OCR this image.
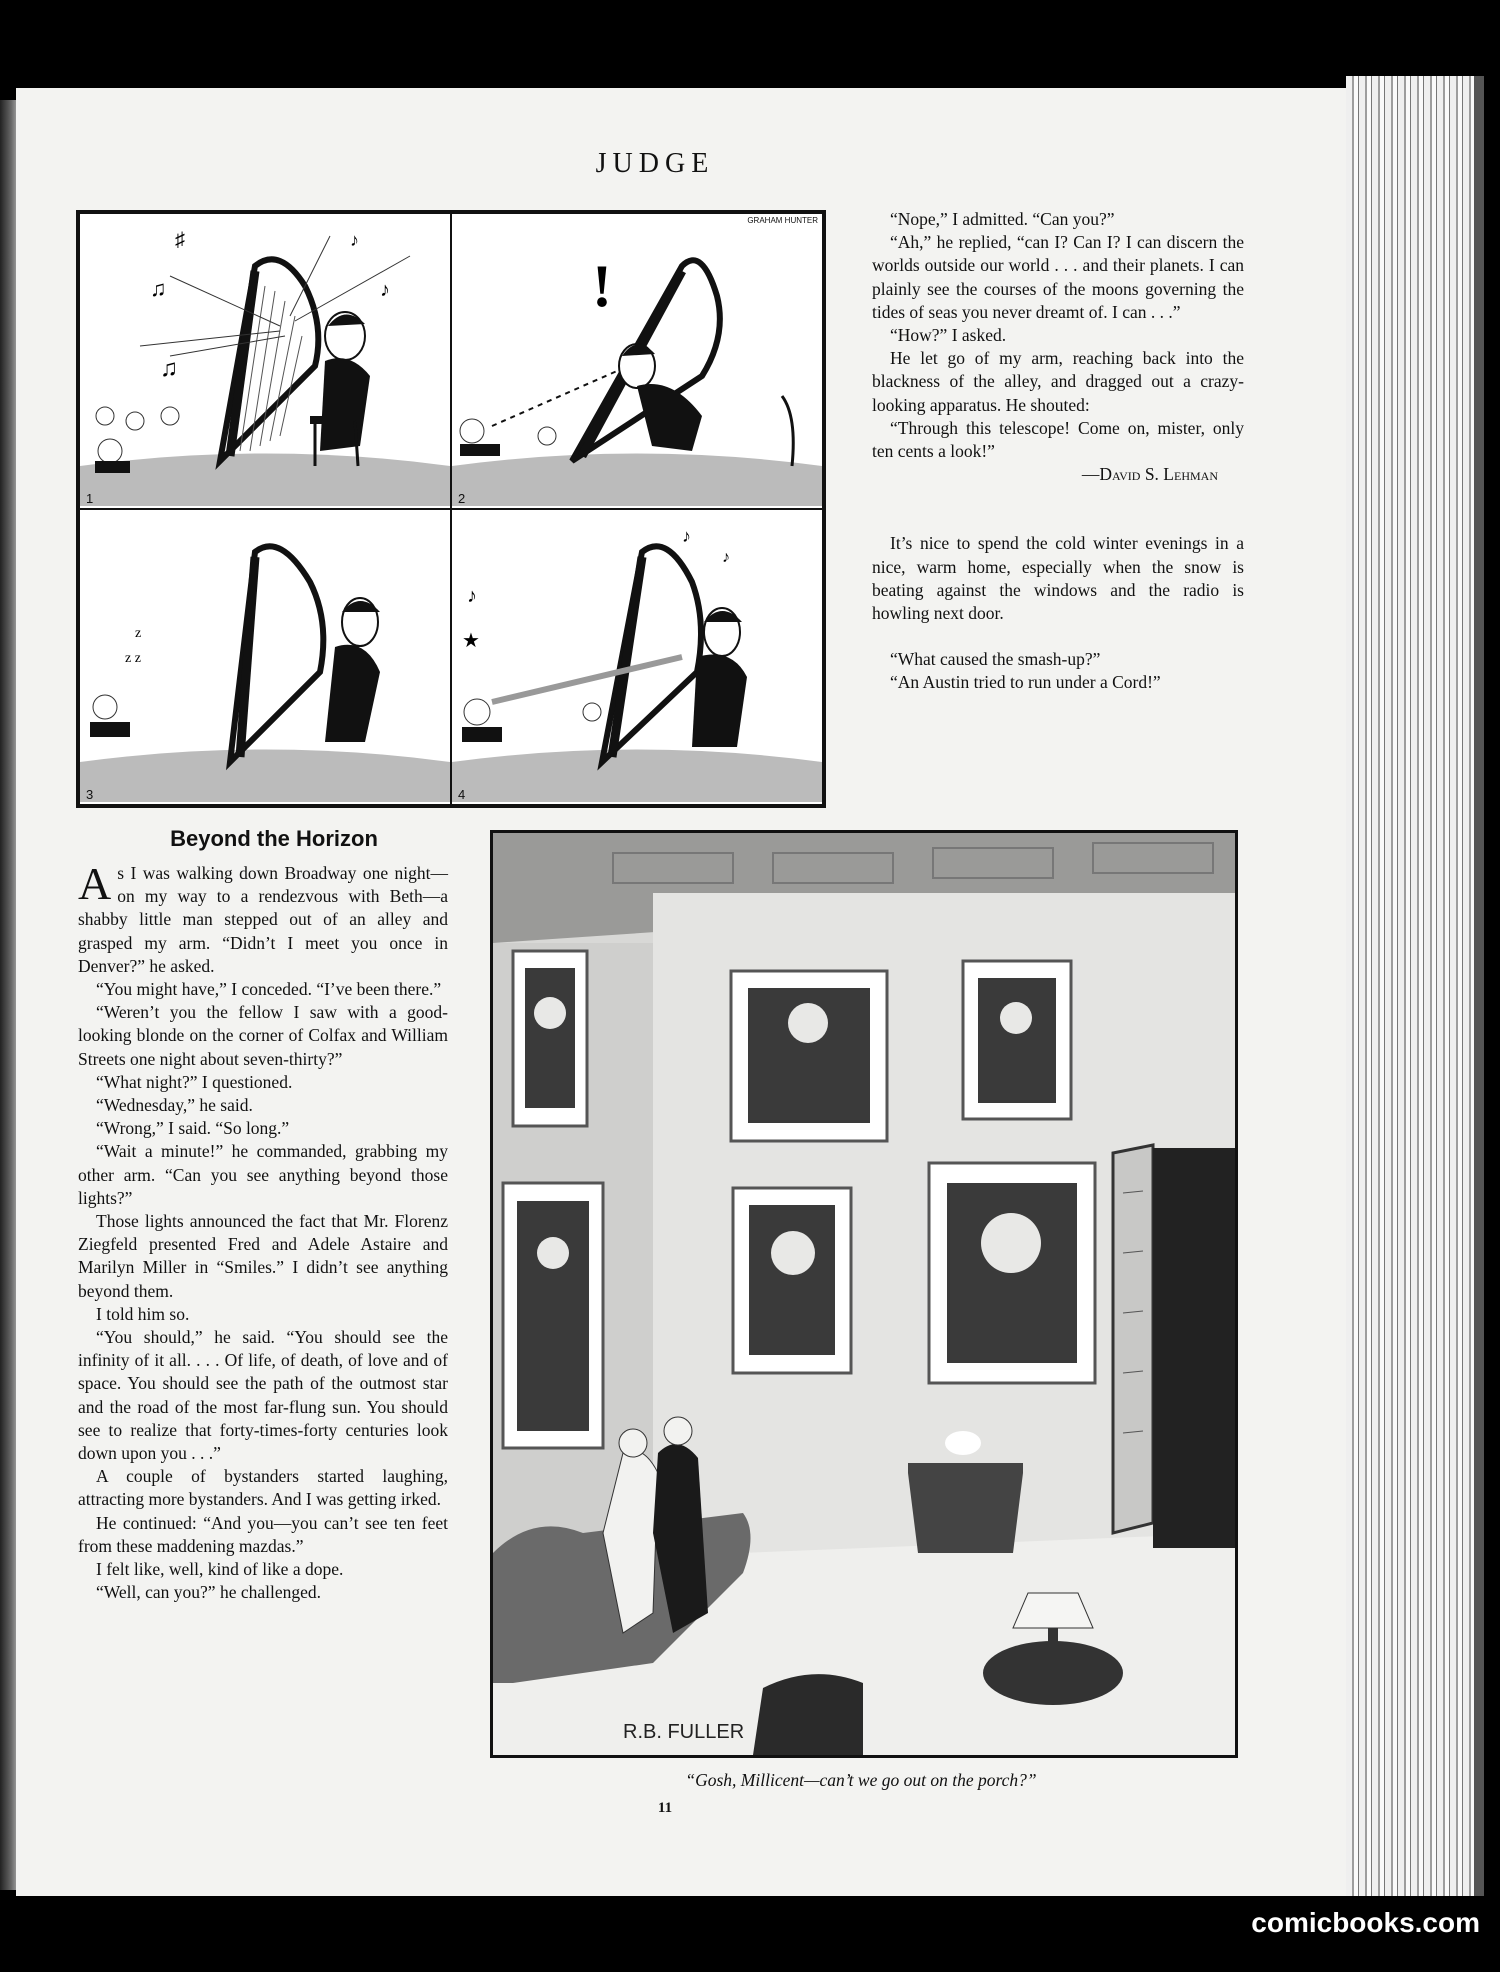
JUDGE
♯
♫
♫
♪
♪
1
!
2
GRAHAM HUNTER
z z
z
3
♪
♪
♪
★
4

“Nope,” I admitted. “Can you?”

“Ah,” he replied, “can I? Can I? I can discern the worlds outside our world . . . and their planets. I can plainly see the courses of the moons governing the tides of seas you never dreamt of. I can . . .”

“How?” I asked.

He let go of my arm, reaching back into the blackness of the alley, and dragged out a crazy-looking apparatus. He shouted:

“Through this telescope! Come on, mister, only ten cents a look!”

—David S. Lehman

It’s nice to spend the cold winter evenings in a nice, warm home, especially when the snow is beating against the windows and the radio is howling next door.

“What caused the smash-up?”

“An Austin tried to run under a Cord!”

Beyond the Horizon

As I was walking down Broadway one night—on my way to a rendezvous with Beth—a shabby little man stepped out of an alley and grasped my arm. “Didn’t I meet you once in Denver?” he asked.

“You might have,” I conceded. “I’ve been there.”

“Weren’t you the fellow I saw with a good-looking blonde on the corner of Colfax and William Streets one night about seven-thirty?”

“What night?” I questioned.

“Wednesday,” he said.

“Wrong,” I said. “So long.”

“Wait a minute!” he commanded, grabbing my other arm. “Can you see anything beyond those lights?”

Those lights announced the fact that Mr. Florenz Ziegfeld presented Fred and Adele Astaire and Marilyn Miller in “Smiles.” I didn’t see anything beyond them.

I told him so.

“You should,” he said. “You should see the infinity of it all. . . . Of life, of death, of love and of space. You should see the path of the outmost star and the road of the most far-flung sun. You should see to realize that forty-times-forty centuries look down upon you . . .”

A couple of bystanders started laughing, attracting more bystanders. And I was getting irked.

He continued: “And you—you can’t see ten feet from these maddening mazdas.”

I felt like, well, kind of like a dope.

“Well, can you?” he challenged.

R.B. FULLER
“Gosh, Millicent—can’t we go out on the porch?”
11
comicbooks.com
